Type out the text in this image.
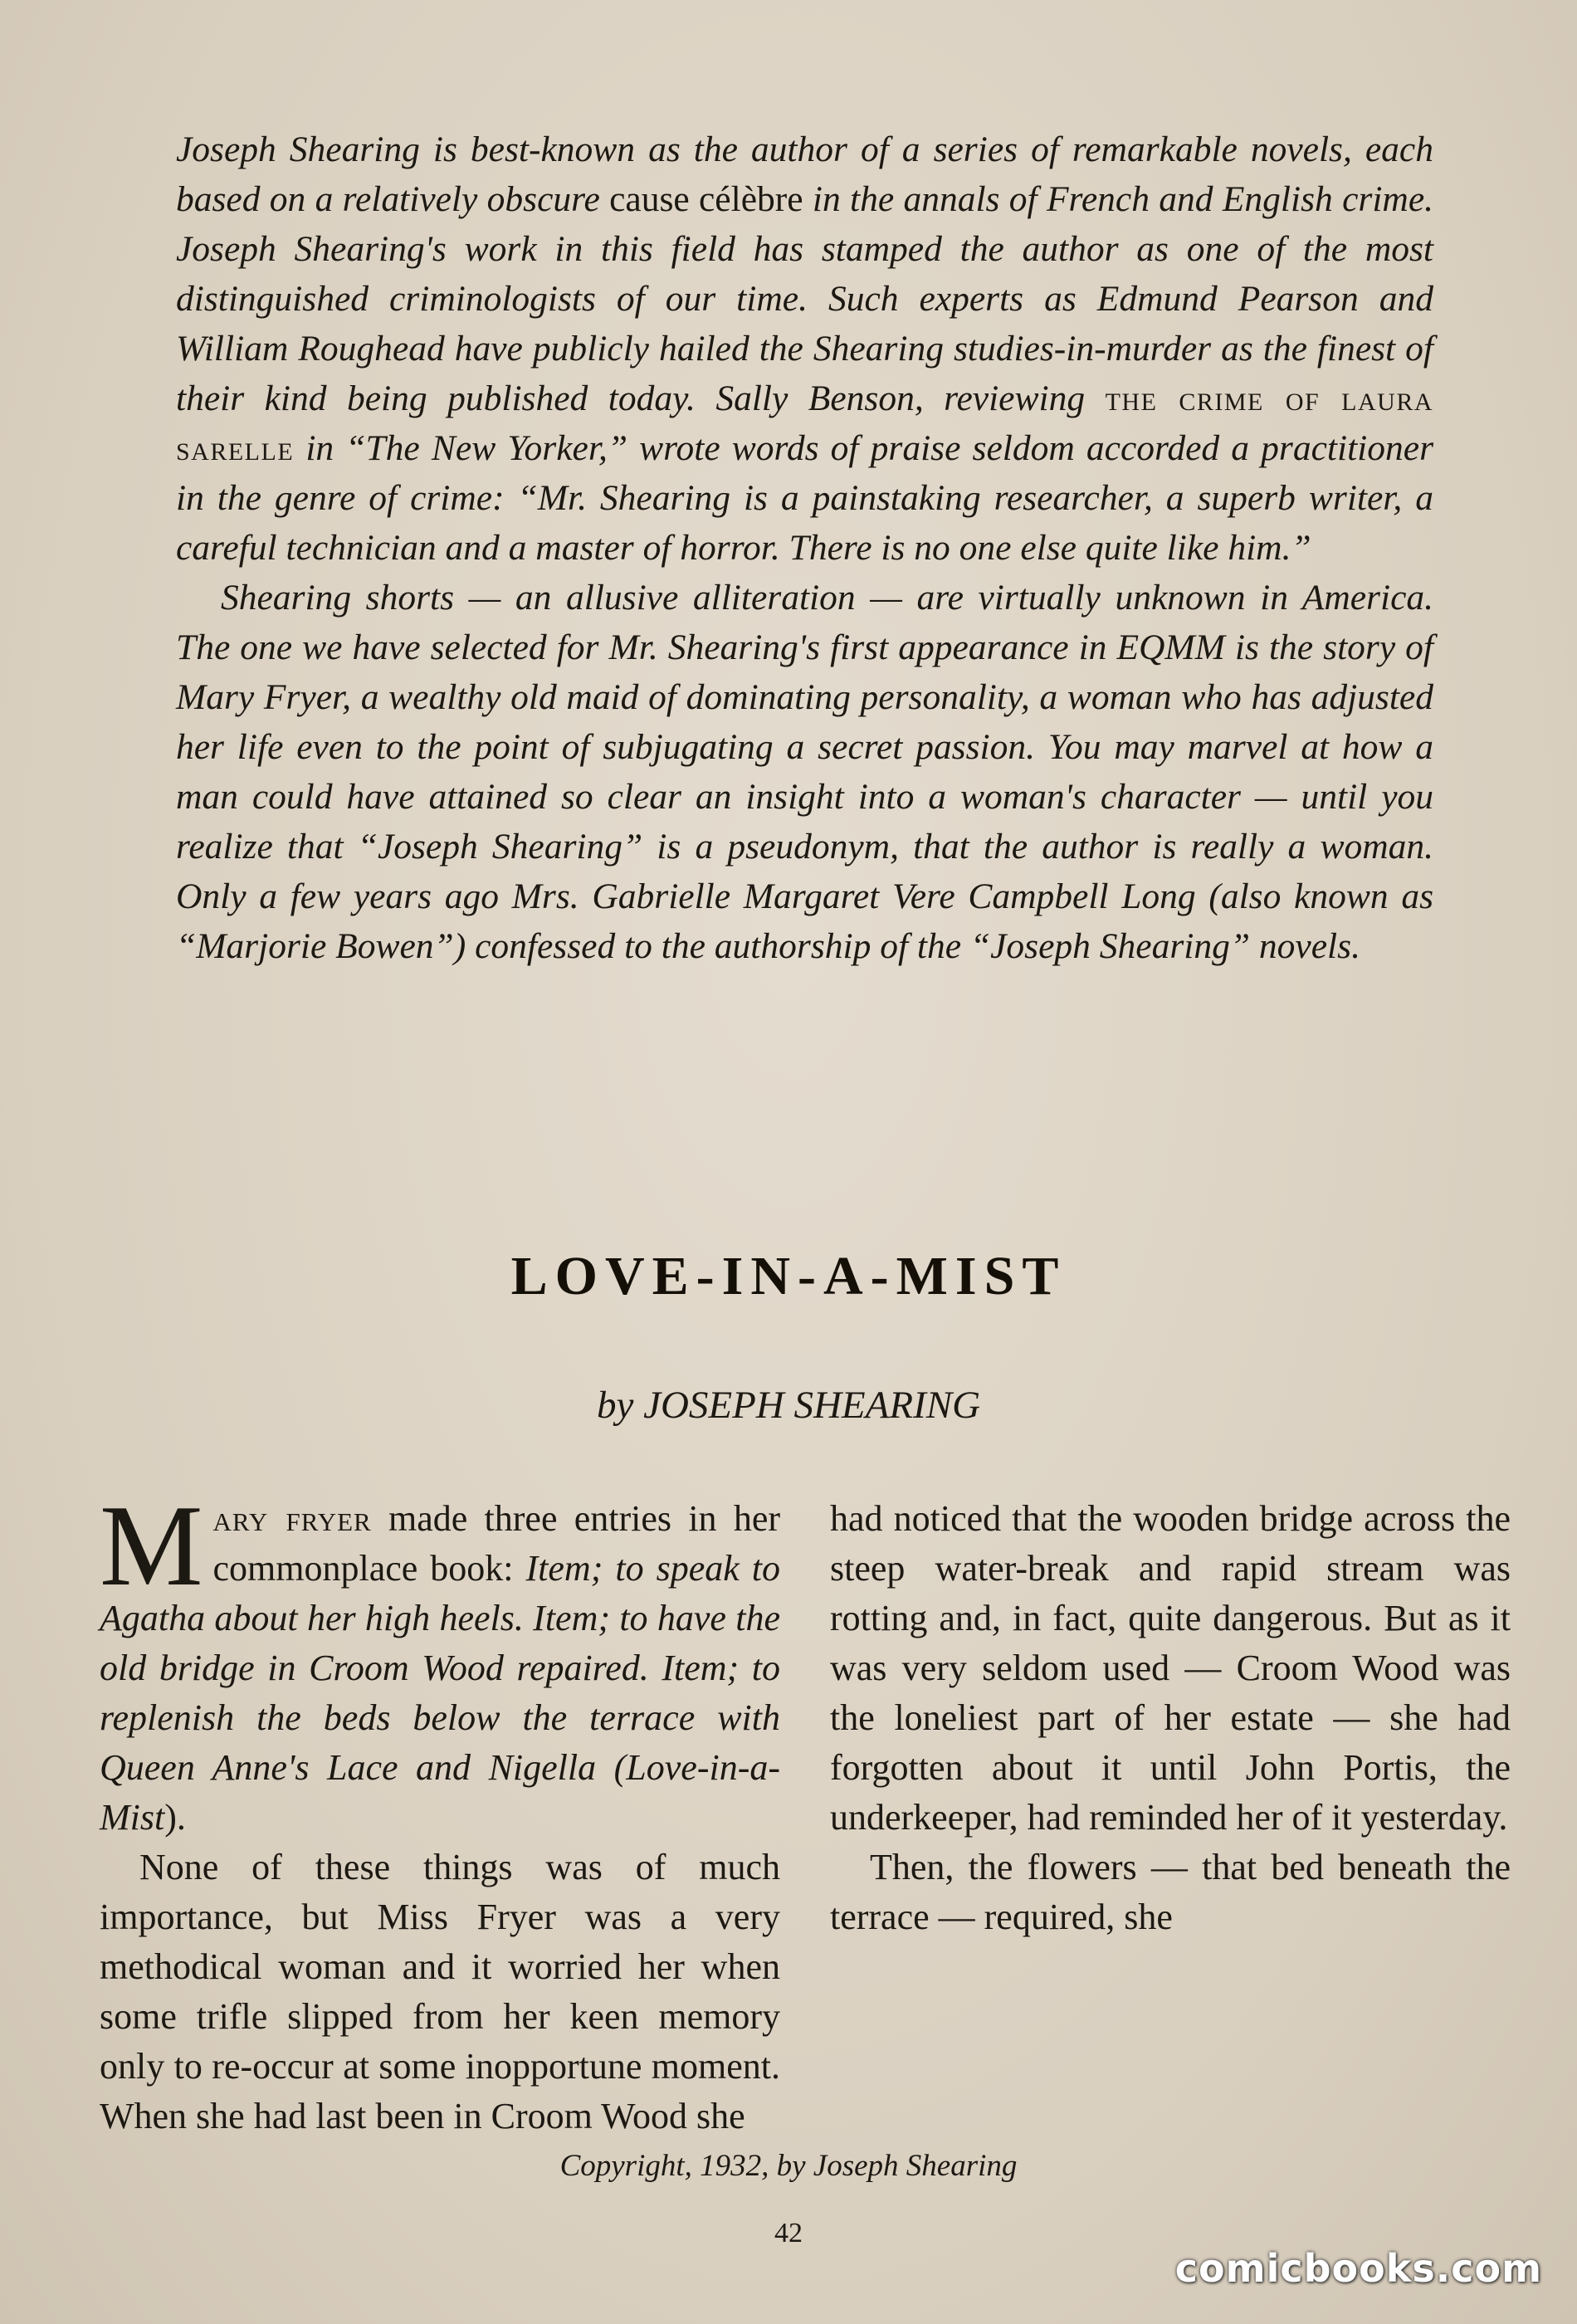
Joseph Shearing is best-known as the author of a series of remarkable novels, each based on a relatively obscure cause célèbre in the annals of French and English crime. Joseph Shearing's work in this field has stamped the author as one of the most distinguished criminologists of our time. Such experts as Edmund Pearson and William Roughead have publicly hailed the Shearing studies-in-murder as the finest of their kind being published today. Sally Benson, reviewing the crime of laura sarelle in “The New Yorker,” wrote words of praise seldom accorded a practitioner in the genre of crime: “Mr. Shearing is a painstaking researcher, a superb writer, a careful technician and a master of horror. There is no one else quite like him.”

Shearing shorts — an allusive alliteration — are virtually unknown in America. The one we have selected for Mr. Shearing's first appearance in EQMM is the story of Mary Fryer, a wealthy old maid of dominating personality, a woman who has adjusted her life even to the point of subjugating a secret passion. You may marvel at how a man could have attained so clear an insight into a woman's character — until you realize that “Joseph Shearing” is a pseudonym, that the author is really a woman. Only a few years ago Mrs. Gabrielle Margaret Vere Campbell Long (also known as “Marjorie Bowen”) confessed to the authorship of the “Joseph Shearing” novels.

LOVE-IN-A-MIST
by JOSEPH SHEARING

Mary fryer made three entries in her commonplace book: Item; to speak to Agatha about her high heels. Item; to have the old bridge in Croom Wood repaired. Item; to replenish the beds below the terrace with Queen Anne's Lace and Nigella (Love-in-a-Mist).

None of these things was of much importance, but Miss Fryer was a very methodical woman and it worried her when some trifle slipped from her keen memory only to re-occur at some inopportune moment. When she had last been in Croom Wood she

had noticed that the wooden bridge across the steep water-break and rapid stream was rotting and, in fact, quite dangerous. But as it was very seldom used — Croom Wood was the loneliest part of her estate — she had forgotten about it until John Portis, the underkeeper, had reminded her of it yesterday.

Then, the flowers — that bed beneath the terrace — required, she

Copyright, 1932, by Joseph Shearing
42
comicbooks.com
